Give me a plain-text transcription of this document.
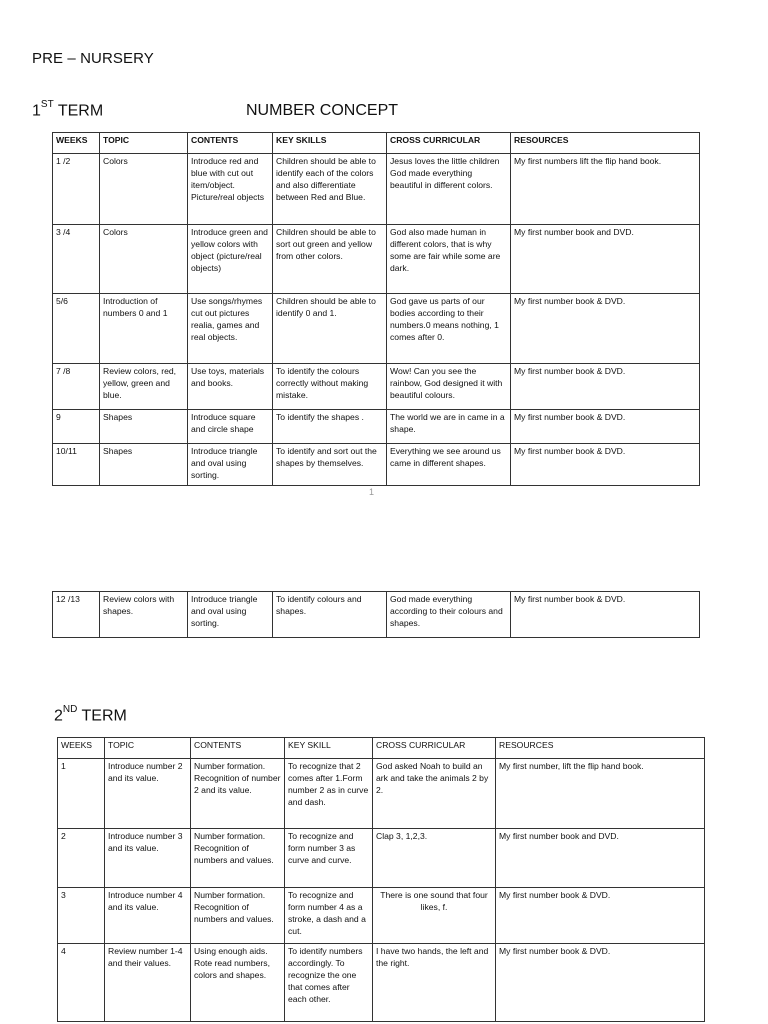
PRE – NURSERY
1ST TERM	NUMBER CONCEPT
WEEKS	TOPIC	CONTENTS	KEY SKILLS	CROSS CURRICULAR	RESOURCES
1 /2	Colors	Introduce red and blue with cut out item/object. Picture/real objects	Children should be able to identify each of the colors and also differentiate between Red and Blue.	Jesus loves the little children God made everything beautiful in different colors.	My first numbers lift the flip hand book.
3 /4	Colors	Introduce green and yellow colors with object (picture/real objects)	Children should be able to sort out green and yellow from other colors.	God also made human in different colors, that is why some are fair while some are dark.	My first number book and DVD.
5/6	Introduction of numbers 0 and 1	Use songs/rhymes cut out pictures realia, games and real objects.	Children should be able to identify 0 and 1.	God gave us parts of our bodies according to their numbers.0 means nothing, 1 comes after 0.	My first number book & DVD.
7 /8	Review colors, red, yellow, green and blue.	Use toys, materials and books.	To identify the colours correctly without making mistake.	Wow! Can you see the rainbow, God designed it with beautiful colours.	My first number book & DVD.
9	Shapes	Introduce square and circle shape	To identify the shapes .	The world we are in came in a shape.	My first number book & DVD.
10/11	Shapes	Introduce triangle and oval using sorting.	To identify and sort out the shapes by themselves.	Everything we see around us came in different shapes.	My first number book & DVD.
1
12 /13	Review colors with shapes.	Introduce triangle and oval using sorting.	To identify colours and shapes.	God made everything according to their colours and shapes.	My first number book & DVD.
2ND TERM
WEEKS	TOPIC	CONTENTS	KEY SKILL	CROSS CURRICULAR	RESOURCES
1	Introduce number 2 and its value.	Number formation. Recognition of number 2 and its value.	To recognize that 2 comes after 1.Form number 2 as in curve and dash.	God asked Noah to build an ark and take the animals 2 by 2.	My first number, lift the flip hand book.
2	Introduce number 3 and its value.	Number formation. Recognition of numbers and values.	To recognize and form number 3 as curve and curve.	Clap 3, 1,2,3.	My first number book and DVD.
3	Introduce number 4 and its value.	Number formation. Recognition of numbers and values.	To recognize and form number 4 as a stroke, a dash and a cut.	There is one sound that four likes, f.	My first number book & DVD.
4	Review number 1-4 and their values.	Using enough aids. Rote read numbers, colors and shapes.	To identify numbers accordingly. To recognize the one that comes after each other.	I have two hands, the left and the right.	My first number book & DVD.
